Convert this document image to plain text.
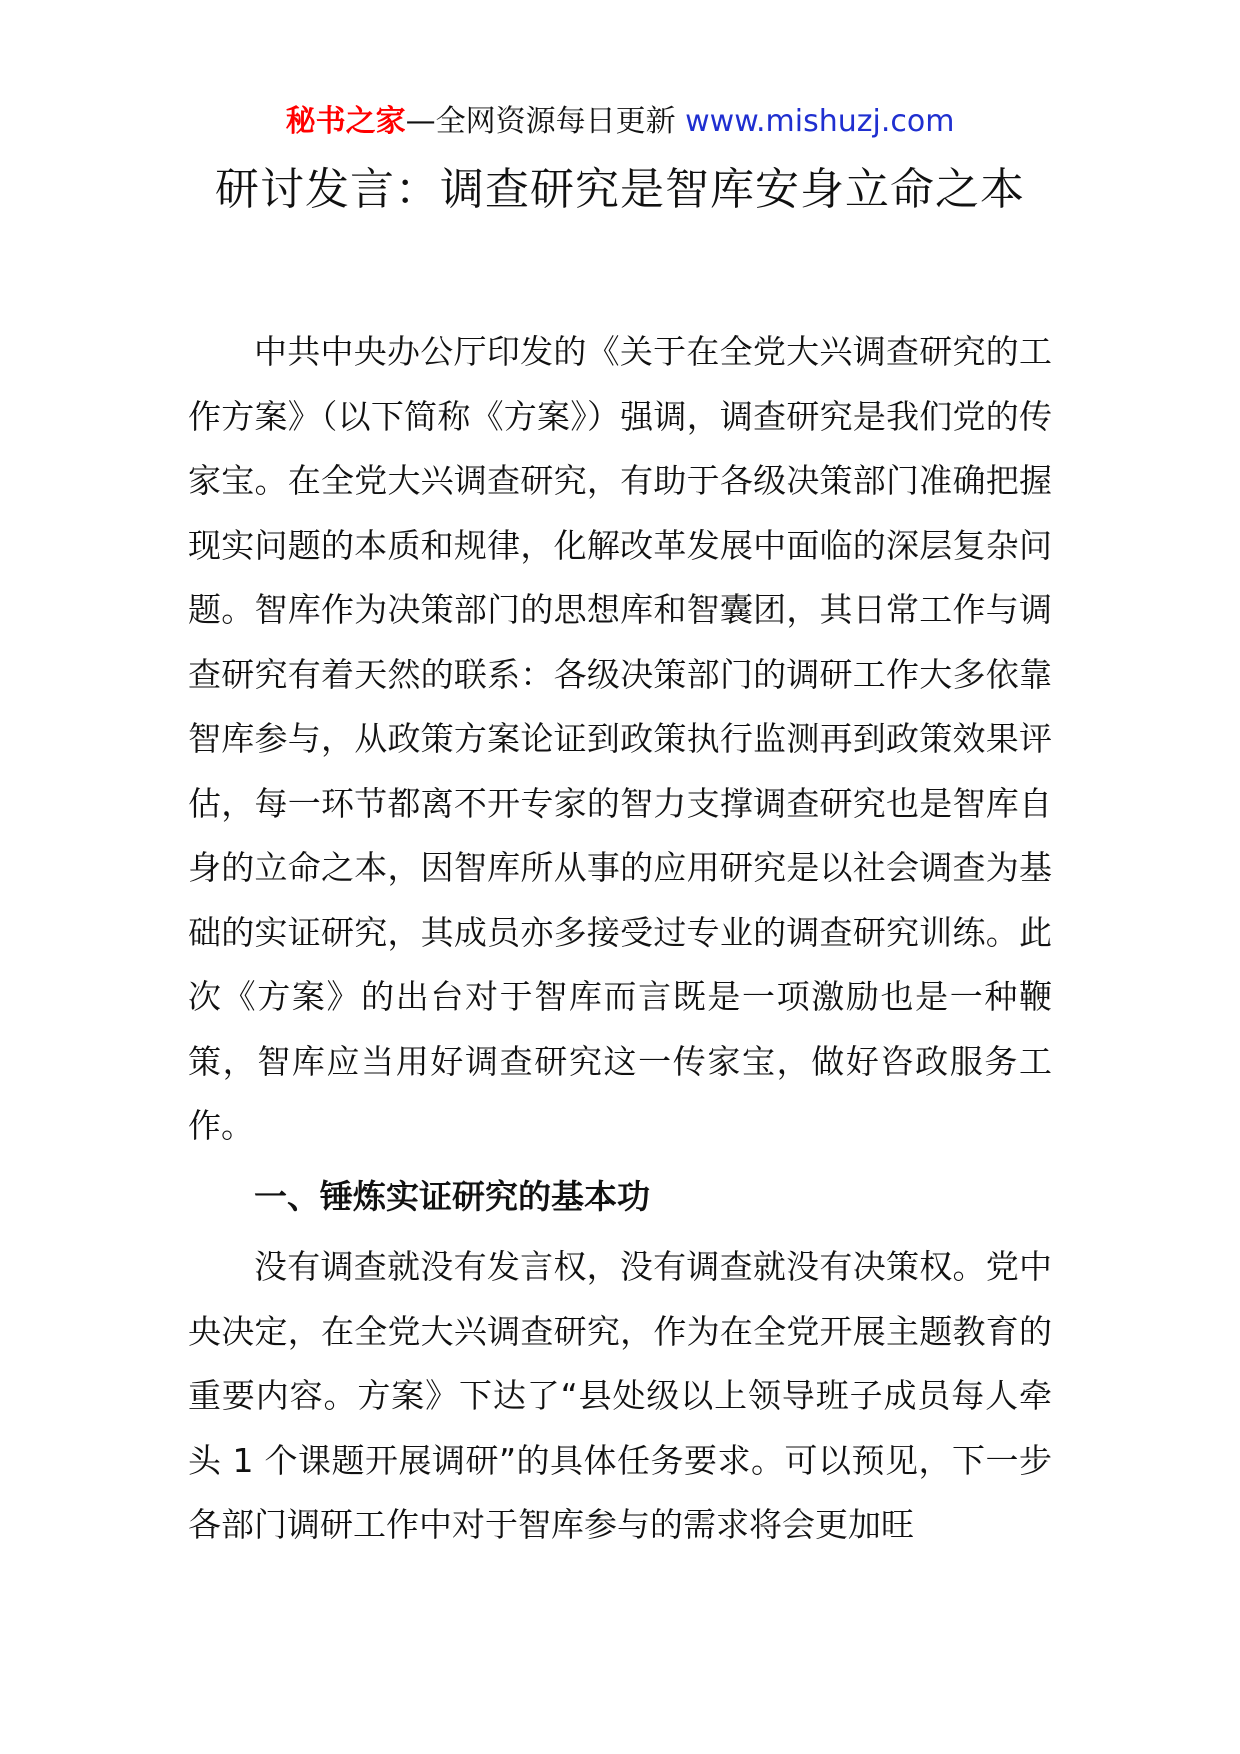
秘书之家—全网资源每日更新 www.mishuzj.com
研讨发言：调查研究是智库安身立命之本

中共中央办公厅印发的《关于在全党大兴调查研究的工作方案》（以下简称《方案》）强调，调查研究是我们党的传家宝。在全党大兴调查研究，有助于各级决策部门准确把握现实问题的本质和规律，化解改革发展中面临的深层复杂问题。智库作为决策部门的思想库和智囊团，其日常工作与调查研究有着天然的联系：各级决策部门的调研工作大多依靠智库参与，从政策方案论证到政策执行监测再到政策效果评估，每一环节都离不开专家的智力支撑调查研究也是智库自身的立命之本，因智库所从事的应用研究是以社会调查为基础的实证研究，其成员亦多接受过专业的调查研究训练。此次《方案》的出台对于智库而言既是一项激励也是一种鞭策，智库应当用好调查研究这一传家宝，做好咨政服务工作。

一、锤炼实证研究的基本功

没有调查就没有发言权，没有调查就没有决策权。党中央决定，在全党大兴调查研究，作为在全党开展主题教育的重要内容。方案》下达了“县处级以上领导班子成员每人牵头 1 个课题开展调研”的具体任务要求。可以预见，下一步各部门调研工作中对于智库参与的需求将会更加旺
